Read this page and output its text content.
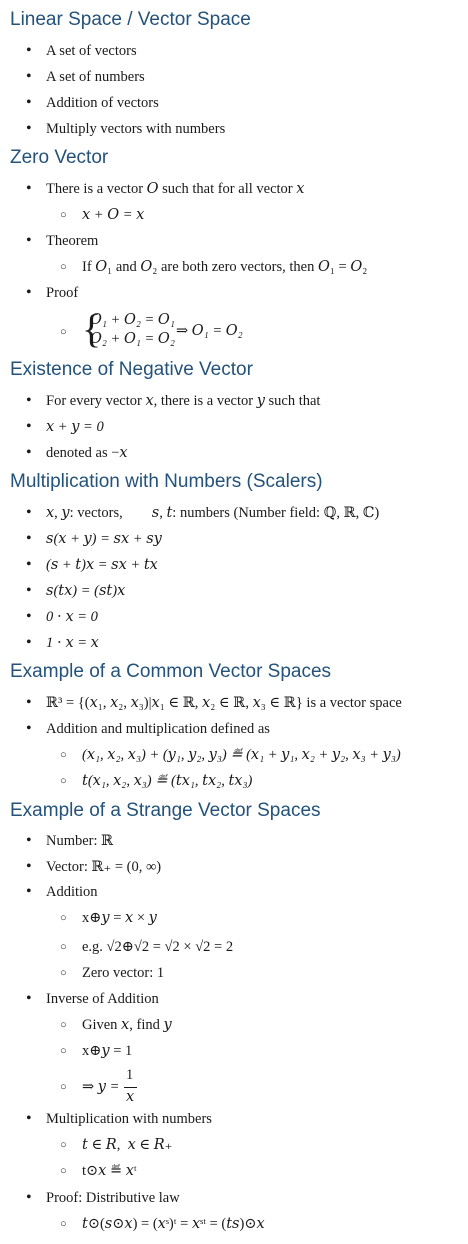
Linear Space / Vector Space
• A set of vectors
• A set of numbers
• Addition of vectors
• Multiply vectors with numbers
Zero Vector
• There is a vector 𝑂 such that for all vector 𝑥
○ 𝑥 + 𝑂 = 𝑥
• Theorem
○ If 𝑂₁ and 𝑂₂ are both zero vectors, then 𝑂₁ = 𝑂₂
• Proof
○ {
𝑂₁ + 𝑂₂ = 𝑂₁
𝑂₂ + 𝑂₁ = 𝑂₂ ⇒ 𝑂₁ = 𝑂₂
Existence of Negative Vector
• For every vector 𝑥, there is a vector 𝑦 such that
• 𝑥 + 𝑦 = 0
• denoted as −𝑥
Multiplication with Numbers (Scalers)
• 𝑥, 𝑦: vectors,        𝑠, 𝑡: numbers (Number field: ℚ, ℝ, ℂ)
• 𝑠(𝑥 + 𝑦) = 𝑠𝑥 + 𝑠𝑦
• (𝑠 + 𝑡)𝑥 = 𝑠𝑥 + 𝑡𝑥
• 𝑠(𝑡𝑥) = (𝑠𝑡)𝑥
• 0 ⋅ 𝑥 = 0
• 1 ⋅ 𝑥 = 𝑥
Example of a Common Vector Spaces
• ℝ³ = {(𝑥₁, 𝑥₂, 𝑥₃)|𝑥₁ ∈ ℝ, 𝑥₂ ∈ ℝ, 𝑥₃ ∈ ℝ} is a vector space
• Addition and multiplication defined as
○ (𝑥₁, 𝑥₂, 𝑥₃) + (𝑦₁, 𝑦₂, 𝑦₃) ≝ (𝑥₁ + 𝑦₁, 𝑥₂ + 𝑦₂, 𝑥₃ + 𝑦₃)
○ 𝑡(𝑥₁, 𝑥₂, 𝑥₃) ≝ (𝑡𝑥₁, 𝑡𝑥₂, 𝑡𝑥₃)
Example of a Strange Vector Spaces
• Number: ℝ
• Vector: ℝ₊ = (0, ∞)
• Addition
○ x⊕𝑦 = 𝑥 × 𝑦
○ e.g. √2⊕√2 = √2 × √2 = 2
○ Zero vector: 1
• Inverse of Addition
○ Given 𝑥, find 𝑦
○ x⊕𝑦 = 1
○ ⇒ 𝑦 =
1
𝑥
• Multiplication with numbers
○ 𝑡 ∈ 𝑅,  𝑥 ∈ 𝑅₊
○ t⊙𝑥 ≝ 𝑥ᵗ
• Proof: Distributive law
○ 𝑡⊙(𝑠⊙𝑥) = (𝑥ˢ)ᵗ = 𝑥ˢᵗ = (𝑡𝑠)⊙𝑥
